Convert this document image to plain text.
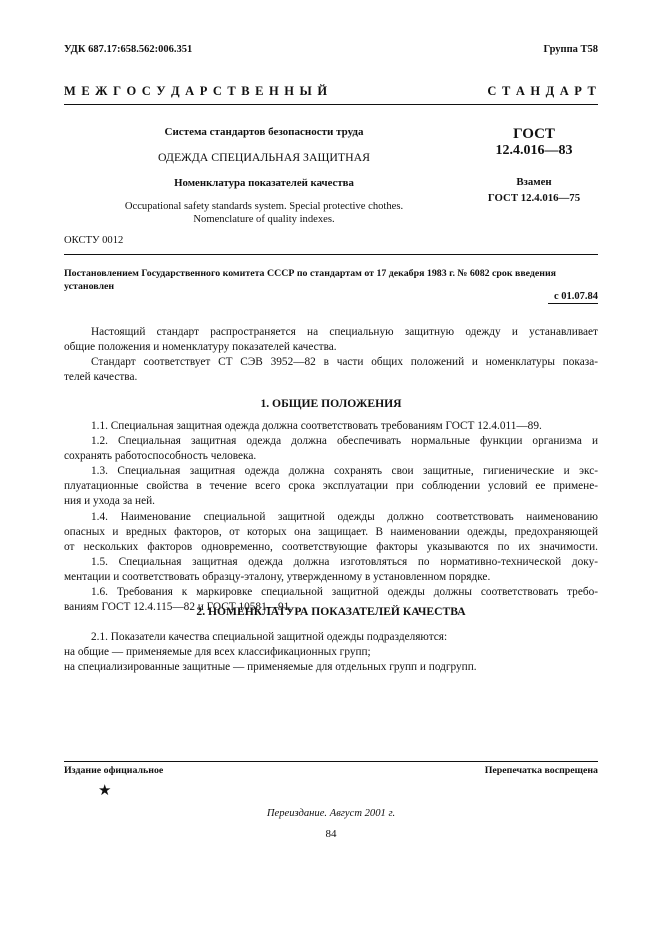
УДК 687.17:658.562:006.351	Группа Т58
М Е Ж Г О С У Д А Р С Т В Е Н Н Ы Й	С Т А Н Д А Р Т
Система стандартов безопасности труда
ОДЕЖДА СПЕЦИАЛЬНАЯ ЗАЩИТНАЯ
Номенклатура показателей качества
Occupational safety standards system. Special protective chothes.
Nomenclature of quality indexes.
ОКСТУ 0012
ГОСТ
12.4.016—83
Взамен
ГОСТ 12.4.016—75
Постановлением Государственного комитета СССР по стандартам от 17 декабря 1983 г. № 6082 срок введения
установлен
с 01.07.84
Настоящий стандарт распространяется на специальную защитную одежду и устанавливает
общие положения и номенклатуру показателей качества.
Стандарт соответствует СТ СЭВ 3952—82 в части общих положений и номенклатуры показа-
телей качества.
1. ОБЩИЕ ПОЛОЖЕНИЯ
1.1. Специальная защитная одежда должна соответствовать требованиям ГОСТ 12.4.011—89.
1.2. Специальная защитная одежда должна обеспечивать нормальные функции организма и
сохранять работоспособность человека.
1.3. Специальная защитная одежда должна сохранять свои защитные, гигиенические и экс-
плуатационные свойства в течение всего срока эксплуатации при соблюдении условий ее примене-
ния и ухода за ней.
1.4. Наименование специальной защитной одежды должно соответствовать наименованию
опасных и вредных факторов, от которых она защищает. В наименовании одежды, предохраняющей
от нескольких факторов одновременно, соответствующие факторы указываются по их значимости.
1.5. Специальная защитная одежда должна изготовляться по нормативно-технической доку-
ментации и соответствовать образцу-эталону, утвержденному в установленном порядке.
1.6. Требования к маркировке специальной защитной одежды должны соответствовать требо-
ваниям ГОСТ 12.4.115—82 и ГОСТ 10581—91.
2. НОМЕНКЛАТУРА ПОКАЗАТЕЛЕЙ КАЧЕСТВА
2.1. Показатели качества специальной защитной одежды подразделяются:
на общие — применяемые для всех классификационных групп;
на специализированные защитные — применяемые для отдельных групп и подгрупп.
Издание официальное	Перепечатка воспрещена
★
Переиздание. Август 2001 г.
84
